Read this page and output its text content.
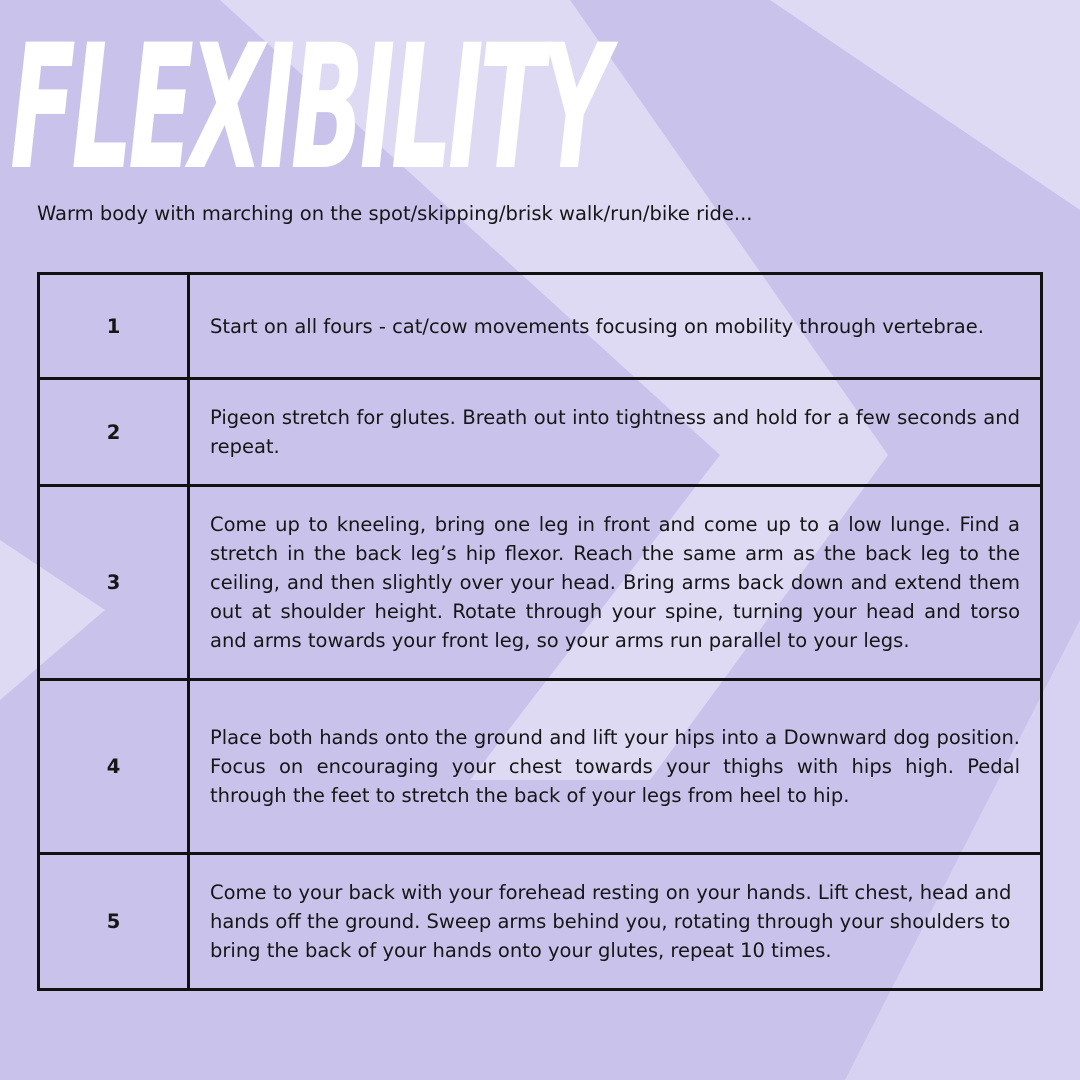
FLEXIBILITY
Warm body with marching on the spot/skipping/brisk walk/run/bike ride...
1	Start on all fours - cat/cow movements focusing on mobility through vertebrae.
2	Pigeon stretch for glutes. Breath out into tightness and hold for a few seconds and repeat.
3	Come up to kneeling, bring one leg in front and come up to a low lunge. Find a stretch in the back leg’s hip flexor. Reach the same arm as the back leg to the ceiling, and then slightly over your head. Bring arms back down and extend them out at shoulder height. Rotate through your spine, turning your head and torso and arms towards your front leg, so your arms run parallel to your legs.
4	Place both hands onto the ground and lift your hips into a Downward dog position. Focus on encouraging your chest towards your thighs with hips high. Pedal through the feet to stretch the back of your legs from heel to hip.
5	Come to your back with your forehead resting on your hands. Lift chest, head and hands off the ground. Sweep arms behind you, rotating through your shoulders to bring the back of your hands onto your glutes, repeat 10 times.
